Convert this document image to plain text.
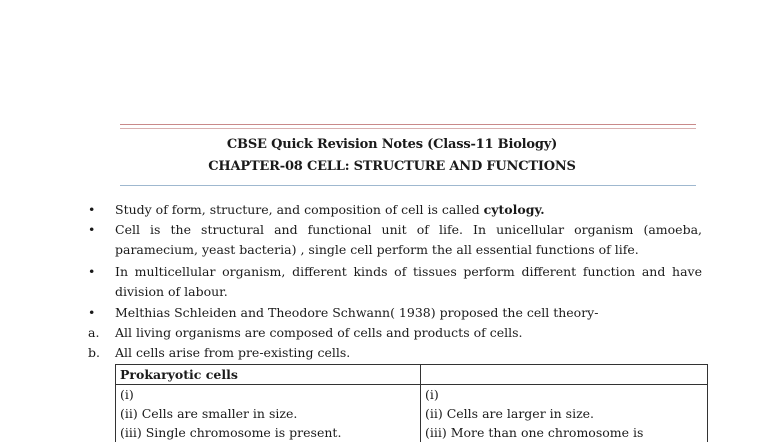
CBSE Quick Revision Notes (Class-11 Biology)
CHAPTER-08 CELL: STRUCTURE AND FUNCTIONS
• Study of form, structure, and composition of cell is called cytology.
• Cell is the structural and functional unit of life. In unicellular organism (amoeba, paramecium, yeast bacteria) , single cell perform the all essential functions of life.
• In multicellular organism, different kinds of tissues perform different function and have division of labour.
• Melthias Schleiden and Theodore Schwann( 1938) proposed the cell theory-
a. All living organisms are composed of cells and products of cells.
b. All cells arise from pre-existing cells.
Prokaryotic cells	
(i)	(i)
(ii) Cells are smaller in size.	(ii) Cells are larger in size.
(iii) Single chromosome is present.	(iii) More than one chromosome is
